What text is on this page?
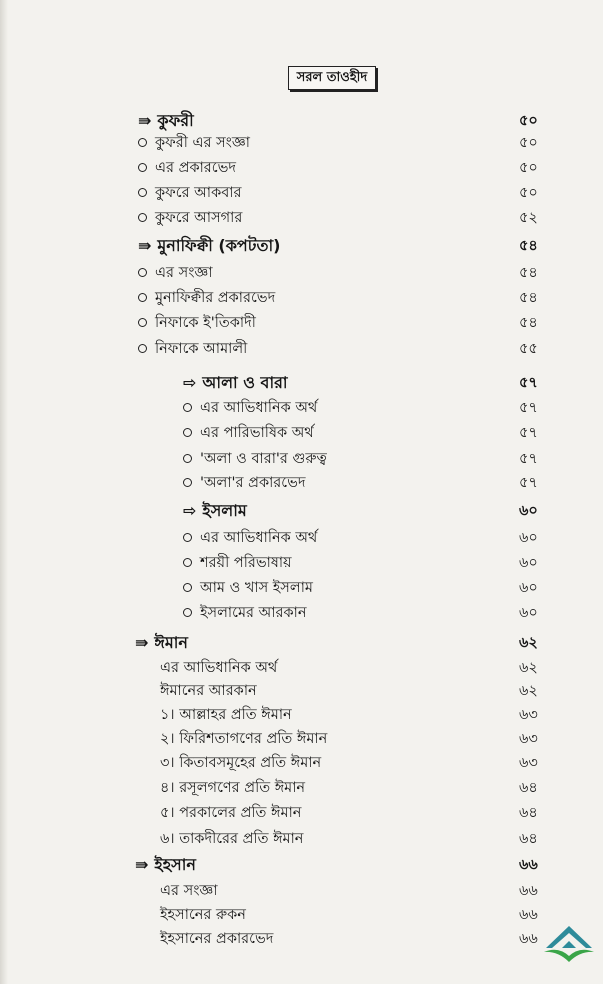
সরল তাওহীদ
⇛ কুফরী	৫০
কুফরী এর সংজ্ঞা	৫০
এর প্রকারভেদ	৫০
কুফরে আকবার	৫০
কুফরে আসগার	৫২
⇛ মুনাফিক্বী (কপটতা)	৫৪
এর সংজ্ঞা	৫৪
মুনাফিক্বীর প্রকারভেদ	৫৪
নিফাকে ই'তিকাদী	৫৪
নিফাকে আমালী	৫৫
⇨ আলা ও বারা	৫৭
এর আভিধানিক অর্থ	৫৭
এর পারিভাষিক অর্থ	৫৭
'অলা ও বারা'র গুরুত্ব	৫৭
'অলা'র প্রকারভেদ	৫৭
⇨ ইসলাম	৬০
এর আভিধানিক অর্থ	৬০
শরয়ী পরিভাষায়	৬০
আম ও খাস ইসলাম	৬০
ইসলামের আরকান	৬০
⇛ ঈমান	৬২
এর আভিধানিক অর্থ	৬২
ঈমানের আরকান	৬২
১। আল্লাহর প্রতি ঈমান	৬৩
২। ফিরিশতাগণের প্রতি ঈমান	৬৩
৩। কিতাবসমূহের প্রতি ঈমান	৬৩
৪। রসূলগণের প্রতি ঈমান	৬৪
৫। পরকালের প্রতি ঈমান	৬৪
৬। তাকদীরের প্রতি ঈমান	৬৪
⇛ ইহসান	৬৬
এর সংজ্ঞা	৬৬
ইহসানের রুকন	৬৬
ইহসানের প্রকারভেদ	৬৬
